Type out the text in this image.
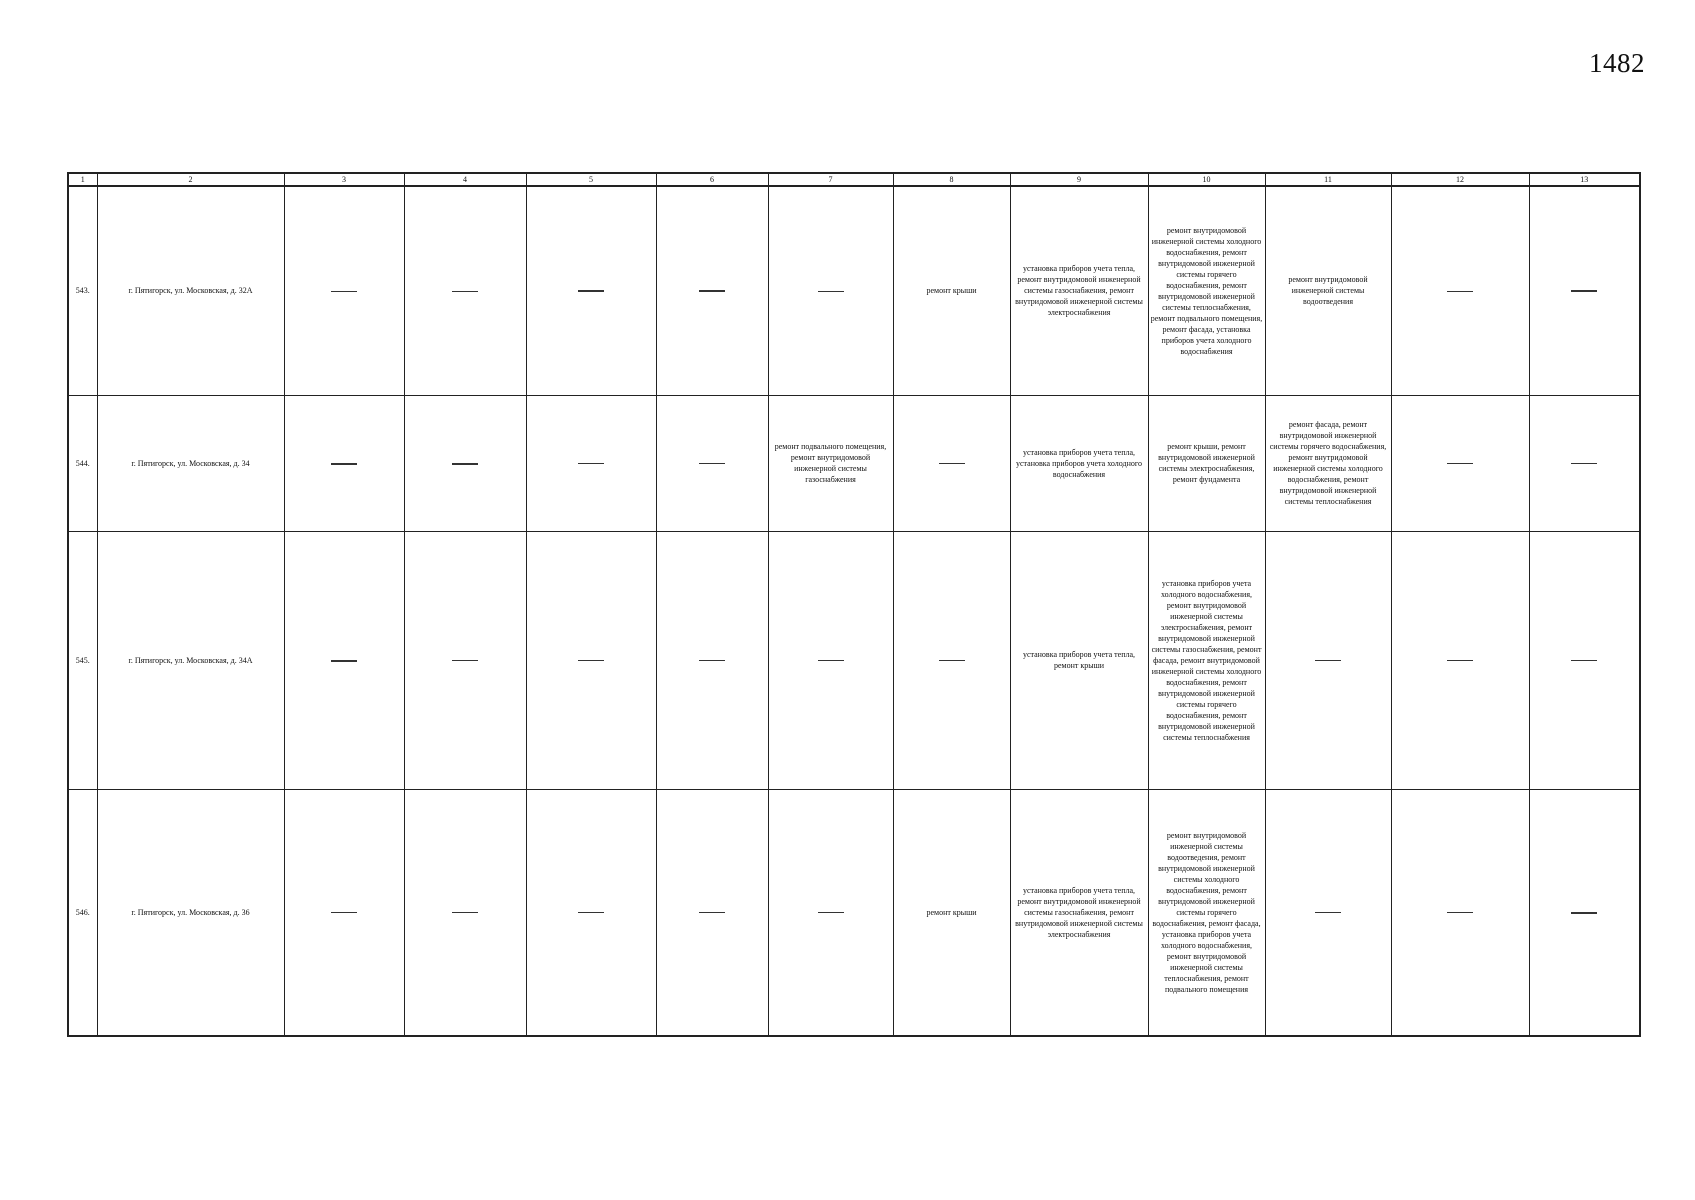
1482
1	2	3	4	5	6	7	8	9	10	11	12	13
543.	г. Пятигорск, ул. Московская, д. 32А						ремонт крыши	установка приборов учета тепла, ремонт внутридомовой инженерной системы газоснабжения, ремонт внутридомовой инженерной системы электроснабжения	ремонт внутридомовой инженерной системы холодного водоснабжения, ремонт внутридомовой инженерной системы горячего водоснабжения, ремонт внутридомовой инженерной системы теплоснабжения, ремонт подвального помещения, ремонт фасада, установка приборов учета холодного водоснабжения	ремонт внутридомовой инженерной системы водоотведения		
544.	г. Пятигорск, ул. Московская, д. 34					ремонт подвального помещения, ремонт внутридомовой инженерной системы газоснабжения		установка приборов учета тепла, установка приборов учета холодного водоснабжения	ремонт крыши, ремонт внутридомовой инженерной системы электроснабжения, ремонт фундамента	ремонт фасада, ремонт внутридомовой инженерной системы горячего водоснабжения, ремонт внутридомовой инженерной системы холодного водоснабжения, ремонт внутридомовой инженерной системы теплоснабжения		
545.	г. Пятигорск, ул. Московская, д. 34А							установка приборов учета тепла, ремонт крыши	установка приборов учета холодного водоснабжения, ремонт внутридомовой инженерной системы электроснабжения, ремонт внутридомовой инженерной системы газоснабжения, ремонт фасада, ремонт внутридомовой инженерной системы холодного водоснабжения, ремонт внутридомовой инженерной системы горячего водоснабжения, ремонт внутридомовой инженерной системы теплоснабжения			
546.	г. Пятигорск, ул. Московская, д. 36						ремонт крыши	установка приборов учета тепла, ремонт внутридомовой инженерной системы газоснабжения, ремонт внутридомовой инженерной системы электроснабжения	ремонт внутридомовой инженерной системы водоотведения, ремонт внутридомовой инженерной системы холодного водоснабжения, ремонт внутридомовой инженерной системы горячего водоснабжения, ремонт фасада, установка приборов учета холодного водоснабжения, ремонт внутридомовой инженерной системы теплоснабжения, ремонт подвального помещения			
